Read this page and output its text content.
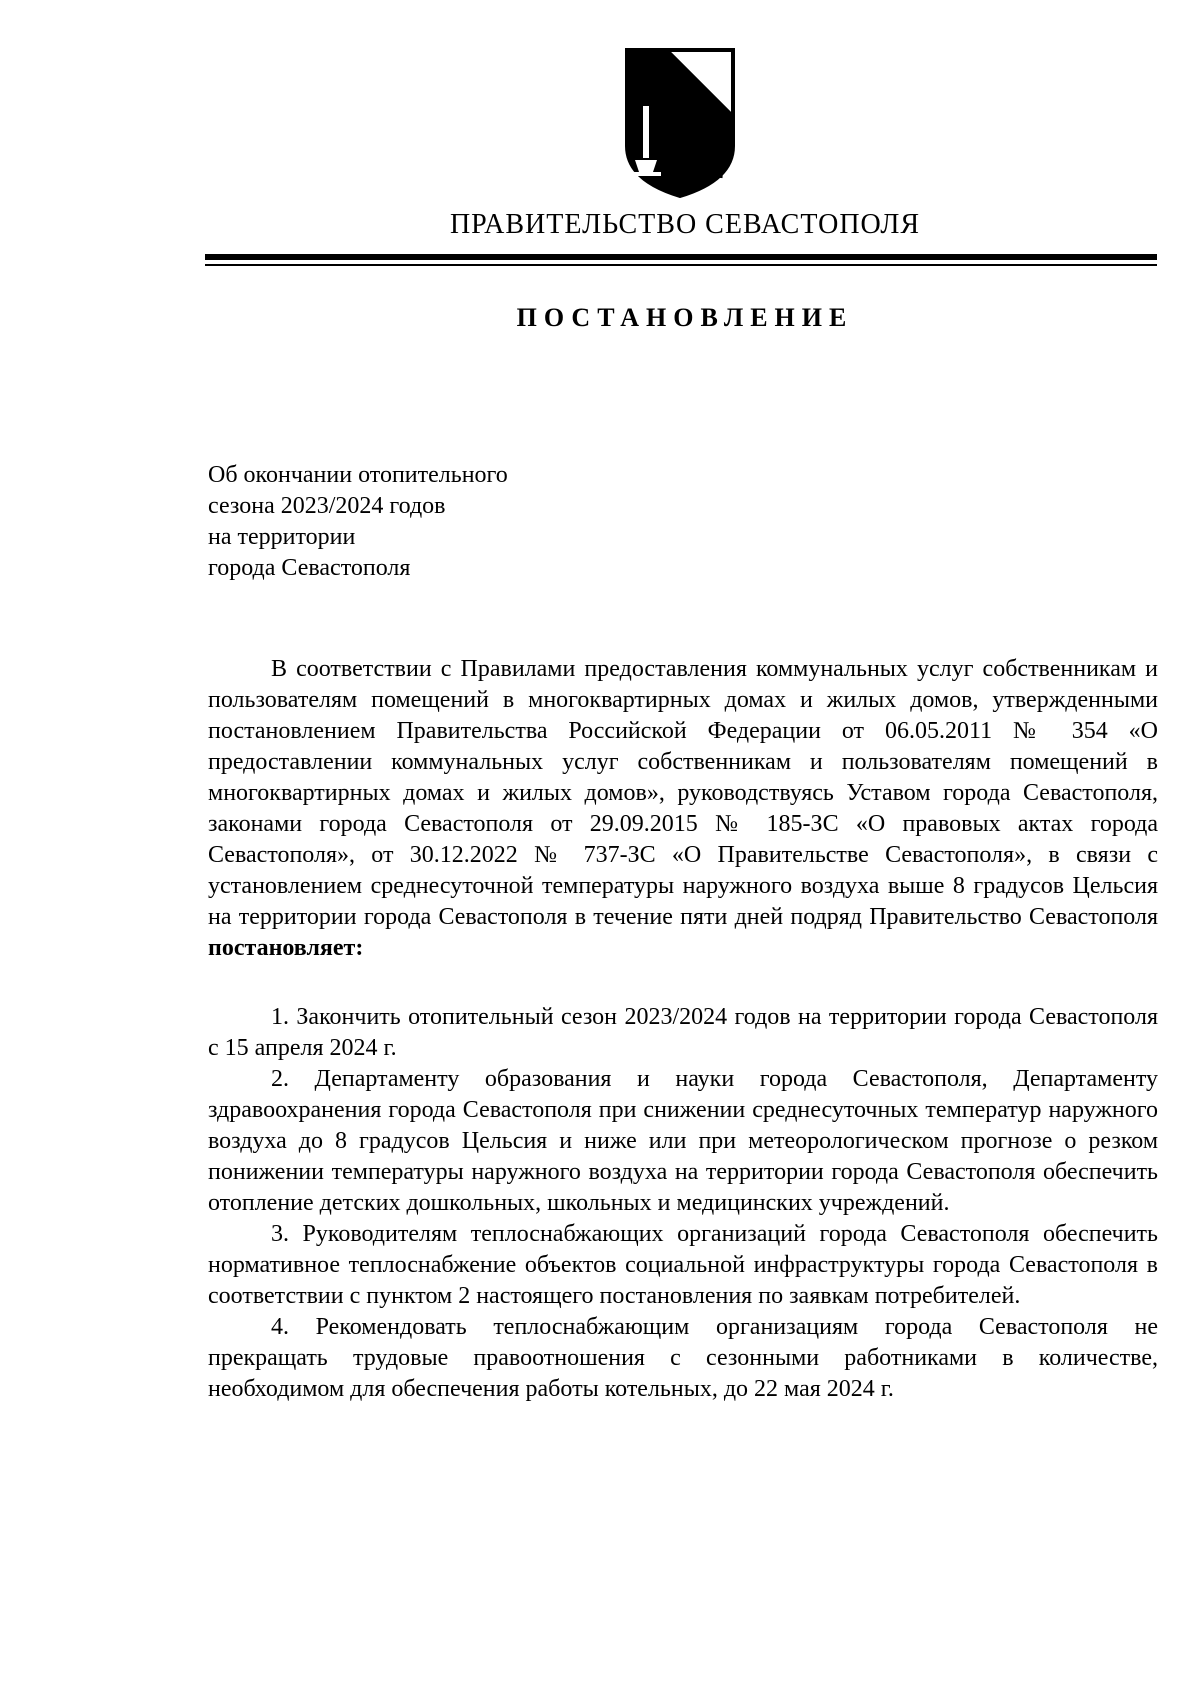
ПРАВИТЕЛЬСТВО СЕВАСТОПОЛЯ
ПОСТАНОВЛЕНИЕ
Об окончании отопительного
сезона 2023/2024 годов
на территории
города Севастополя

В соответствии с Правилами предоставления коммунальных услуг собственникам и пользователям помещений в многоквартирных домах и жилых домов, утвержденными постановлением Правительства Российской Федерации от 06.05.2011 № 354 «О предоставлении коммунальных услуг собственникам и пользователям помещений в многоквартирных домах и жилых домов», руководствуясь Уставом города Севастополя, законами города Севастополя от 29.09.2015 № 185-ЗС «О правовых актах города Севастополя», от 30.12.2022 № 737-ЗС «О Правительстве Севастополя», в связи с установлением среднесуточной температуры наружного воздуха выше 8 градусов Цельсия на территории города Севастополя в течение пяти дней подряд Правительство Севастополя постановляет:

1. Закончить отопительный сезон 2023/2024 годов на территории города Севастополя с 15 апреля 2024 г.

2. Департаменту образования и науки города Севастополя, Департаменту здравоохранения города Севастополя при снижении среднесуточных температур наружного воздуха до 8 градусов Цельсия и ниже или при метеорологическом прогнозе о резком понижении температуры наружного воздуха на территории города Севастополя обеспечить отопление детских дошкольных, школьных и медицинских учреждений.

3. Руководителям теплоснабжающих организаций города Севастополя обеспечить нормативное теплоснабжение объектов социальной инфраструктуры города Севастополя в соответствии с пунктом 2 настоящего постановления по заявкам потребителей.

4. Рекомендовать теплоснабжающим организациям города Севастополя не прекращать трудовые правоотношения с сезонными работниками в количестве, необходимом для обеспечения работы котельных, до 22 мая 2024 г.
